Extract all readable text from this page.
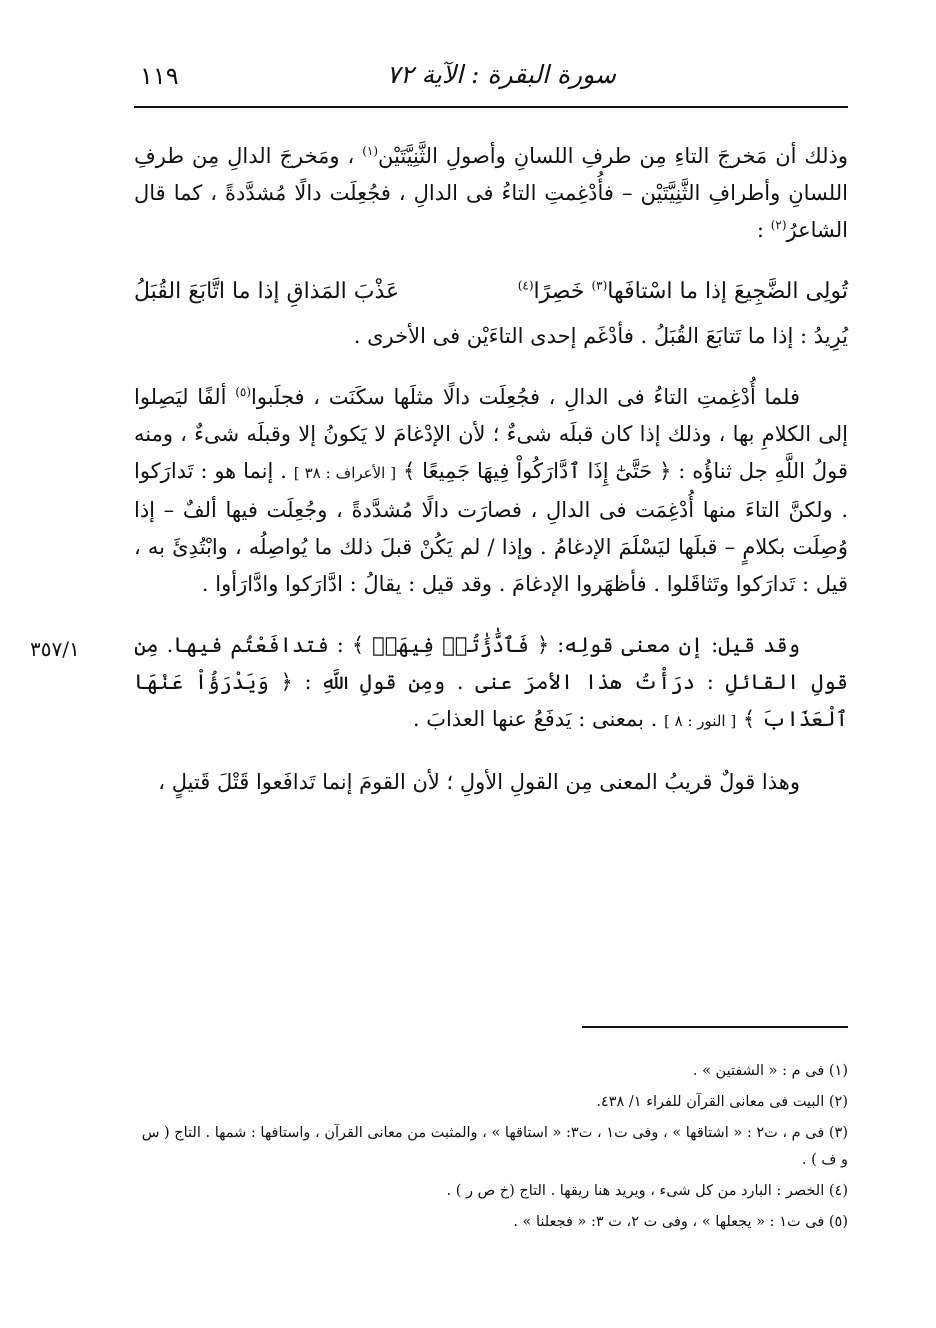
١١٩	سورة البقرة : الآية ٧٢
٣٥٧/١

وذلك أن مَخرجَ التاءِ مِن طرفِ اللسانِ وأصولِ الثَّنِيَّتَيْن$^{(١)}$ ، ومَخرجَ الدالِ مِن طرفِ اللسانِ وأطرافِ الثَّنِيَّتَيْن – فأُدْغِمتِ التاءُ فى الدالِ ، فجُعِلَت دالًا مُشدَّدةً ، كما قال الشاعرُ$^{(٢)}$ :

تُولِى الضَّجِيعَ إذا ما اسْتافَها$^{(٣)}$ خَصِرًا$^{(٤)}$
عَذْبَ المَذاقِ إذا ما اتَّابَعَ القُبَلُ

يُرِيدُ : إذا ما تَتابَعَ القُبَلُ . فأدْغَم إحدى التاءَيْن فى الأخرى .

فلما أُدْغِمتِ التاءُ فى الدالِ ، فجُعِلَت دالًا مثلَها سكَنَت ، فجلَبوا$^{(٥)}$ ألفًا ليَصِلوا إلى الكلامِ بها ، وذلك إذا كان قبلَه شىءٌ ؛ لأن الإدْغامَ لا يَكونُ إلا وقبلَه شىءٌ ، ومنه قولُ اللَّهِ جل ثناؤُه : ﴿ حَتَّىٰٓ إِذَا ٱدَّارَكُواْ فِيهَا جَمِيعًا ﴾ [ الأعراف : ٣٨ ] . إنما هو : تَدارَكوا . ولكنَّ التاءَ منها أُدْغِمَت فى الدالِ ، فصارَت دالًا مُشدَّدةً ، وجُعِلَت فيها ألفٌ – إذا وُصِلَت بكلامٍ – قبلَها ليَسْلَمَ الإدغامُ . وإذا / لم يَكُنْ قبلَ ذلك ما يُواصِلُه ، وابْتُدِئَ به ، قيل : تَدارَكوا وتَثاقَلوا . فأظهَروا الإدغامَ . وقد قيل : يقالُ : ادَّارَكوا وادَّارَأوا .

وقد قيل: إن معنى قولِه: ﴿ فَٱدَّٰرَٰٔتُمۡ فِيهَاۖ ﴾ : فتدافَعْتُم فيها. مِن قولِ القائلِ : درَأْتُ هذا الأمرَ عنى . ومِن قولِ اللَّهِ : ﴿ وَيَدْرَؤُاْ عَنْهَا ٱلْعَذَابَ ﴾ [ النور : ٨ ] . بمعنى : يَدفَعُ عنها العذابَ .

وهذا قولٌ قريبُ المعنى مِن القولِ الأولِ ؛ لأن القومَ إنما تَدافَعوا قَتْلَ قَتيلٍ ،

(١) فى م : « الشفتين » .
(٢) البيت فى معانى القرآن للفراء ١/ ٤٣٨.
(٣) فى م ، ت٢ : « اشتاقها » ، وفى ت١ ، ت٣: « استاقها » ، والمثبت من معانى القرآن ، واستافها : شمها . التاج ( س و ف ) .
(٤) الخصر : البارد من كل شىء ، ويريد هنا ريقها . التاج (خ ص ر ) .
(٥) فى ت١ : « يجعلها » ، وفى ت ٢، ت ٣: « فجعلنا » .
